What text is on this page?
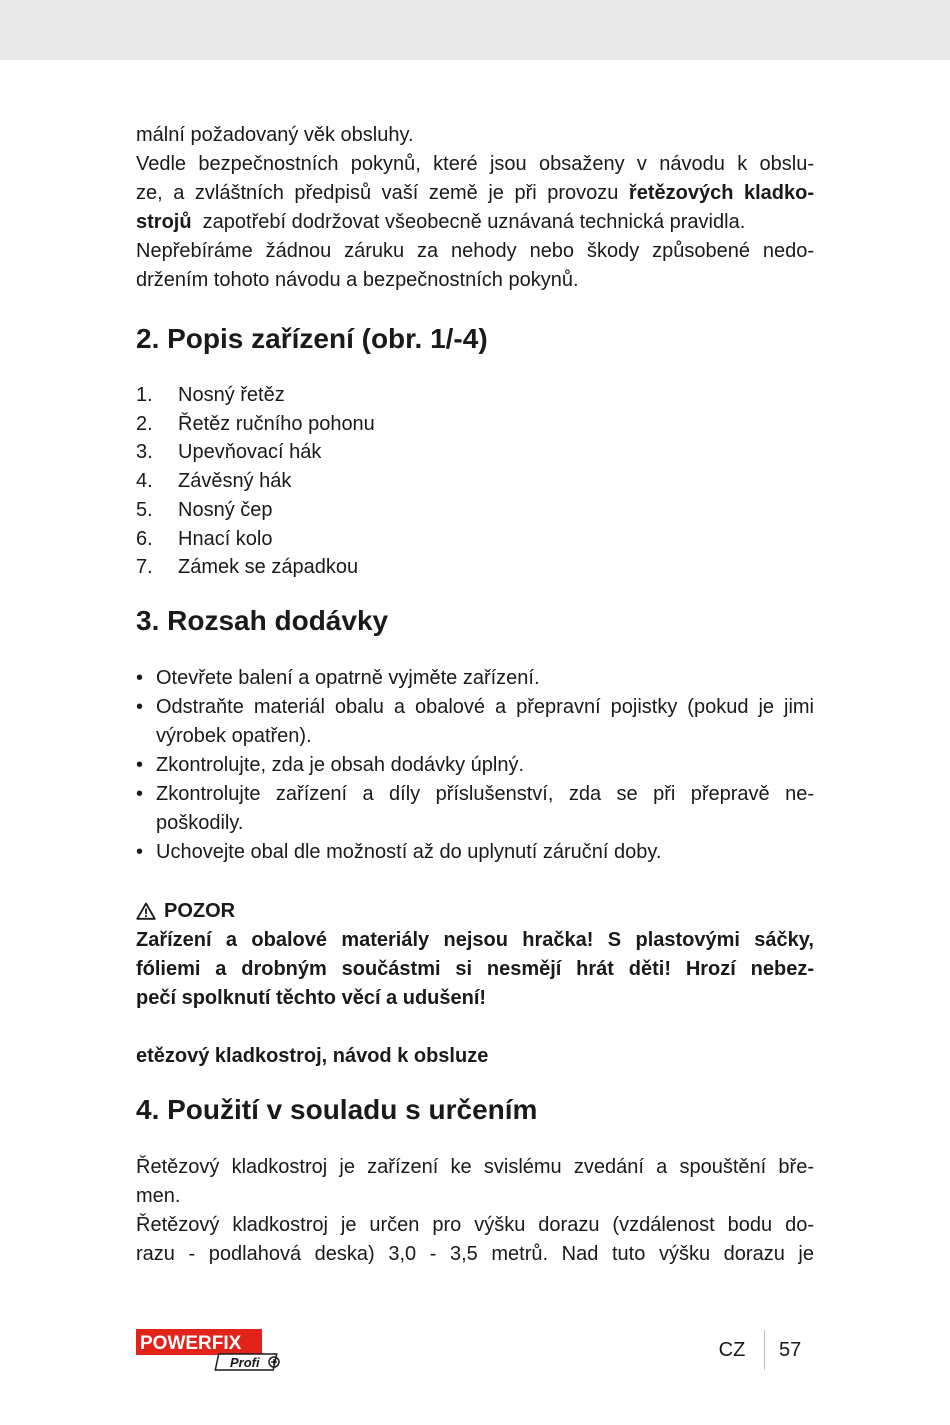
mální požadovaný věk obsluhy.
Vedle bezpečnostních pokynů, které jsou obsaženy v návodu k obslu-
ze, a zvláštních předpisů vaší země je při provozu řetězových kladko-
strojů  zapotřebí dodržovat všeobecně uznávaná technická pravidla.
Nepřebíráme žádnou záruku za nehody nebo škody způsobené nedo-
držením tohoto návodu a bezpečnostních pokynů.
2. Popis zařízení (obr. 1/-4)
1.	Nosný řetěz
2.	Řetěz ručního pohonu
3.	Upevňovací hák
4.	Závěsný hák
5.	Nosný čep
6.	Hnací kolo
7.	Zámek se západkou
3. Rozsah dodávky
• Otevřete balení a opatrně vyjměte zařízení.
• Odstraňte materiál obalu a obalové a přepravní pojistky (pokud je jimi výrobek opatřen).
• Zkontrolujte, zda je obsah dodávky úplný.
• Zkontrolujte zařízení a díly příslušenství, zda se při přepravě ne- poškodily.
• Uchovejte obal dle možností až do uplynutí záruční doby.
POZOR
Zařízení a obalové materiály nejsou hračka! S plastovými sáčky,
fóliemi a drobným součástmi si nesmějí hrát děti! Hrozí nebez-
pečí spolknutí těchto věcí a udušení!

etězový kladkostroj, návod k obsluze

4. Použití v souladu s určením
Řetězový kladkostroj je zařízení ke svislému zvedání a spouštění bře-
men.
Řetězový kladkostroj je určen pro výšku dorazu (vzdálenost bodu do-
razu - podlahová deska) 3,0 - 3,5 metrů. Nad tuto výšku dorazu je
POWERFIX
Profi
CZ	57
